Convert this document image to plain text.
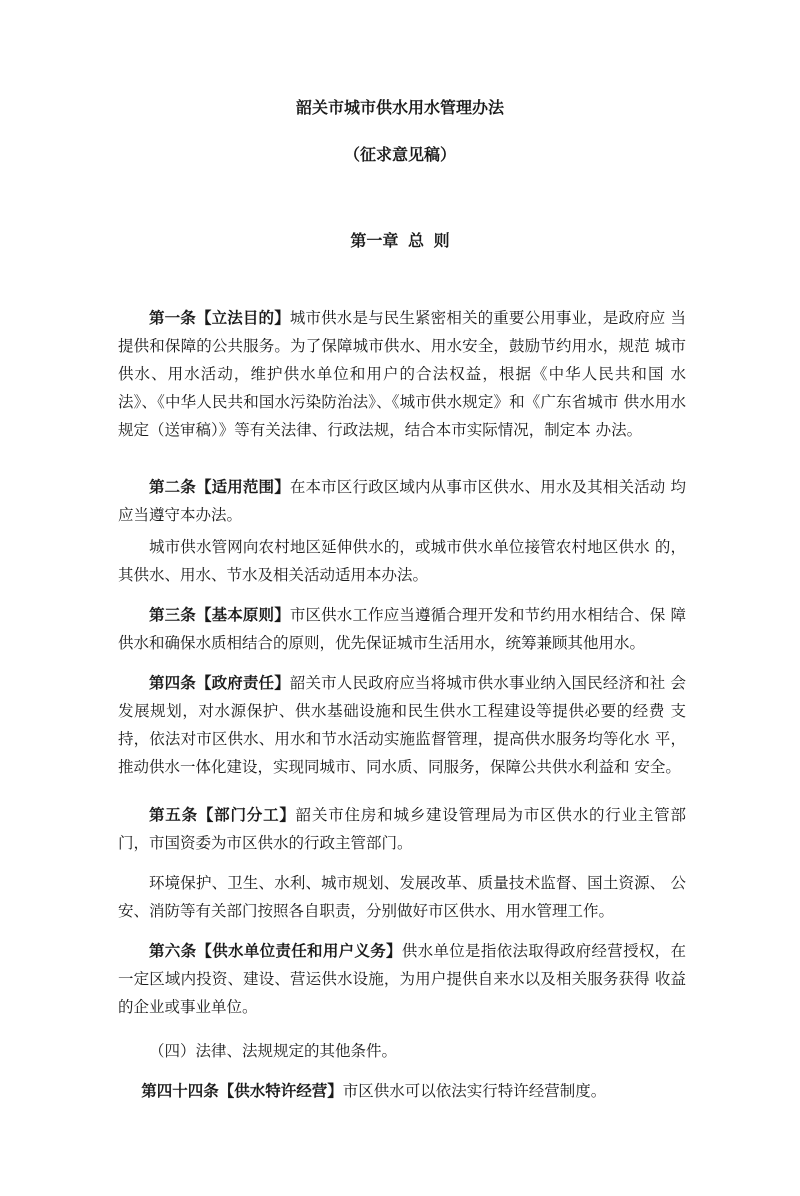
韶关市城市供水用水管理办法
（征求意见稿）
第一章 总 则

第一条【立法目的】城市供水是与民生紧密相关的重要公用事业，是政府应 当提供和保障的公共服务。为了保障城市供水、用水安全，鼓励节约用水，规范 城市供水、用水活动，维护供水单位和用户的合法权益，根据《中华人民共和国 水法》、《中华人民共和国水污染防治法》、《城市供水规定》和《广东省城市 供水用水规定（送审稿）》等有关法律、行政法规，结合本市实际情况，制定本 办法。

第二条【适用范围】在本市区行政区域内从事市区供水、用水及其相关活动 均应当遵守本办法。

城市供水管网向农村地区延伸供水的，或城市供水单位接管农村地区供水 的，其供水、用水、节水及相关活动适用本办法。

第三条【基本原则】市区供水工作应当遵循合理开发和节约用水相结合、保 障供水和确保水质相结合的原则，优先保证城市生活用水，统筹兼顾其他用水。

第四条【政府责任】韶关市人民政府应当将城市供水事业纳入国民经济和社 会发展规划，对水源保护、供水基础设施和民生供水工程建设等提供必要的经费 支持，依法对市区供水、用水和节水活动实施监督管理，提高供水服务均等化水 平，推动供水一体化建设，实现同城市、同水质、同服务，保障公共供水利益和 安全。

第五条【部门分工】韶关市住房和城乡建设管理局为市区供水的行业主管部 门，市国资委为市区供水的行政主管部门。

环境保护、卫生、水利、城市规划、发展改革、质量技术监督、国土资源、 公安、消防等有关部门按照各自职责，分别做好市区供水、用水管理工作。

第六条【供水单位责任和用户义务】供水单位是指依法取得政府经营授权，在一定区域内投资、建设、营运供水设施，为用户提供自来水以及相关服务获得 收益的企业或事业单位。

（四）法律、法规规定的其他条件。

第四十四条【供水特许经营】市区供水可以依法实行特许经营制度。
